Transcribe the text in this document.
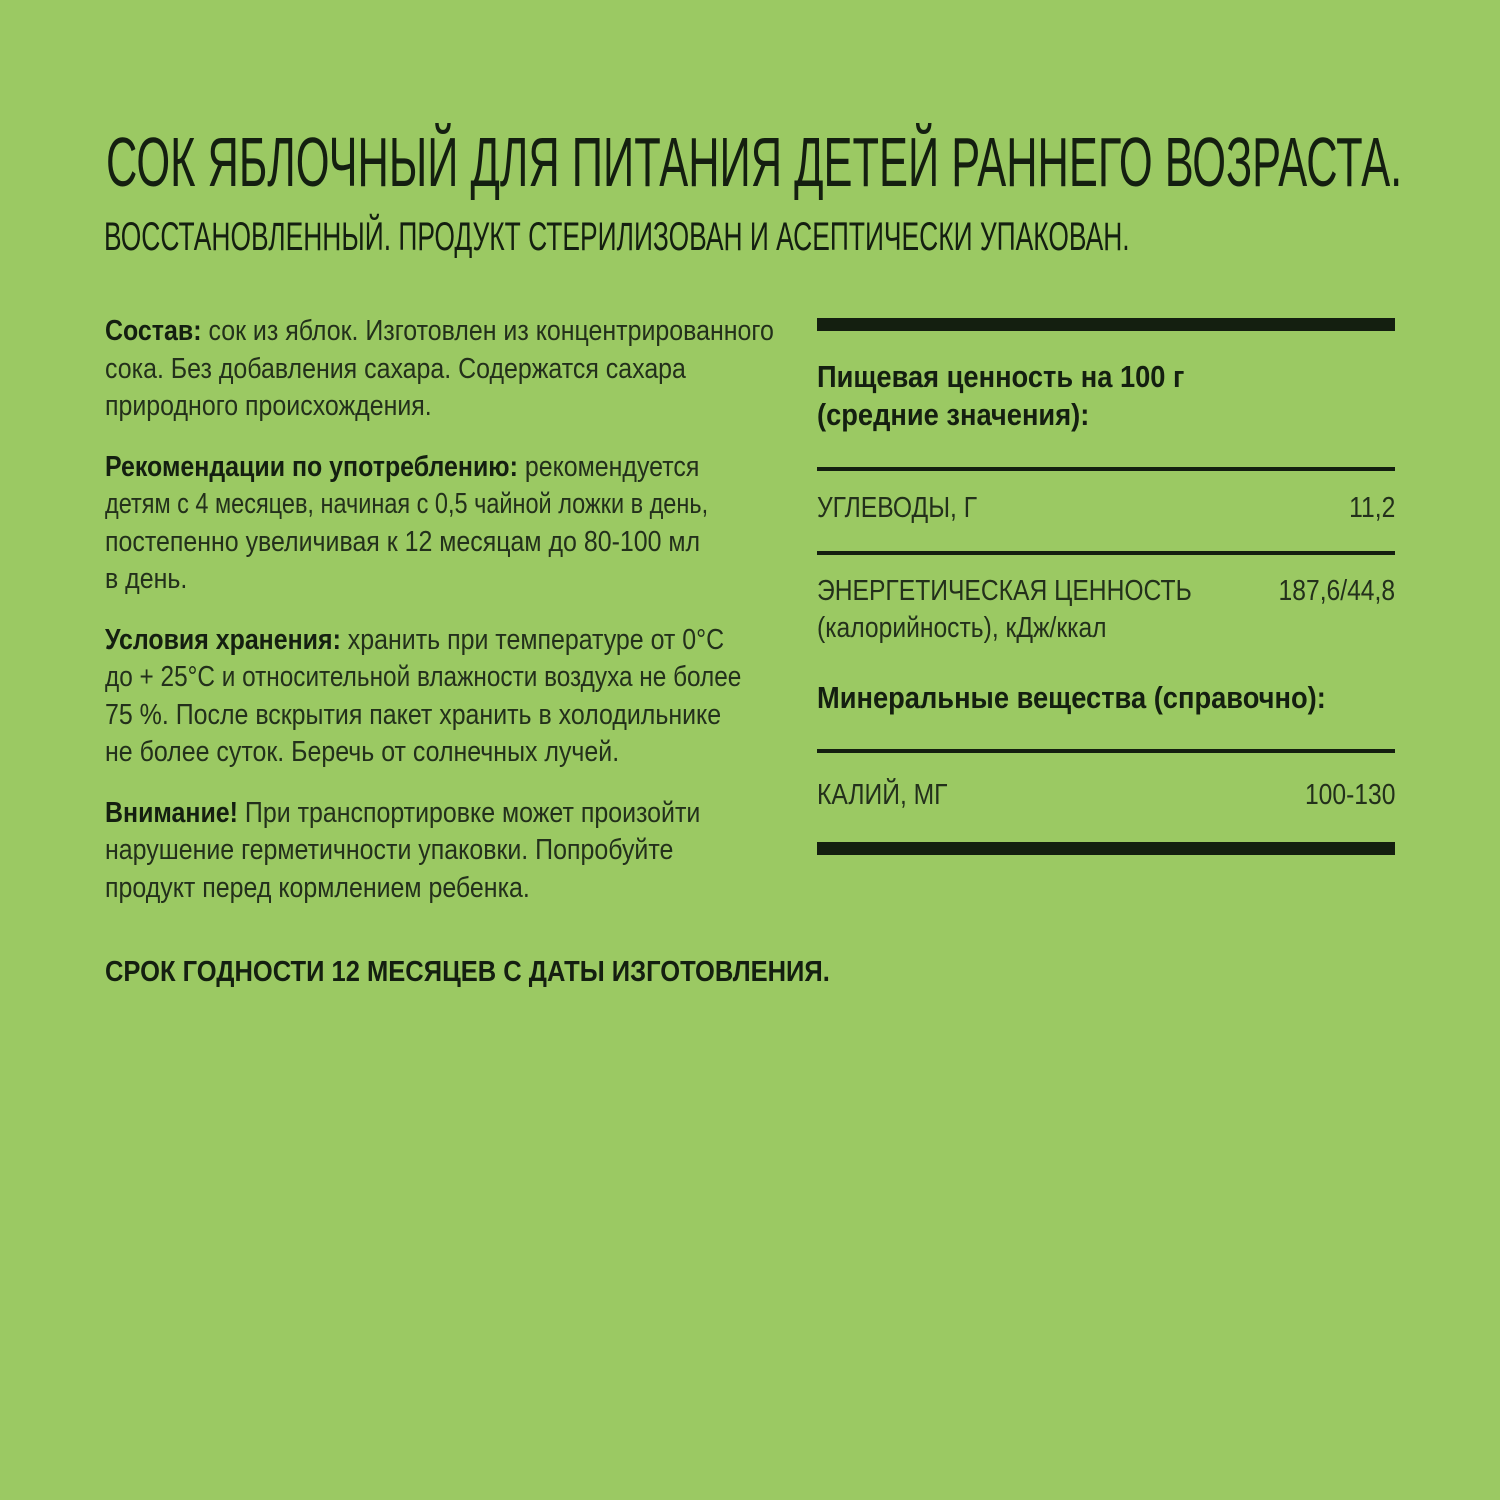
СОК ЯБЛОЧНЫЙ ДЛЯ ПИТАНИЯ ДЕТЕЙ РАННЕГО ВОЗРАСТА.
ВОССТАНОВЛЕННЫЙ. ПРОДУКТ СТЕРИЛИЗОВАН И АСЕПТИЧЕСКИ УПАКОВАН.
Состав: сок из яблок. Изготовлен из концентрированного
сока. Без добавления сахара. Содержатся сахара
природного происхождения.
Рекомендации по употреблению: рекомендуется
детям с 4 месяцев, начиная с 0,5 чайной ложки в день,
постепенно увеличивая к 12 месяцам до 80-100 мл
в день.
Условия хранения: хранить при температуре от 0°С
до + 25°С и относительной влажности воздуха не более
75 %. После вскрытия пакет хранить в холодильнике
не более суток. Беречь от солнечных лучей.
Внимание! При транспортировке может произойти
нарушение герметичности упаковки. Попробуйте
продукт перед кормлением ребенка.
СРОК ГОДНОСТИ 12 МЕСЯЦЕВ С ДАТЫ ИЗГОТОВЛЕНИЯ.
Пищевая ценность на 100 г
(средние значения):
УГЛЕВОДЫ, Г	11,2
ЭНЕРГЕТИЧЕСКАЯ ЦЕННОСТЬ
(калорийность), кДж/ккал
187,6/44,8
Минеральные вещества (справочно):
КАЛИЙ, МГ	100-130
